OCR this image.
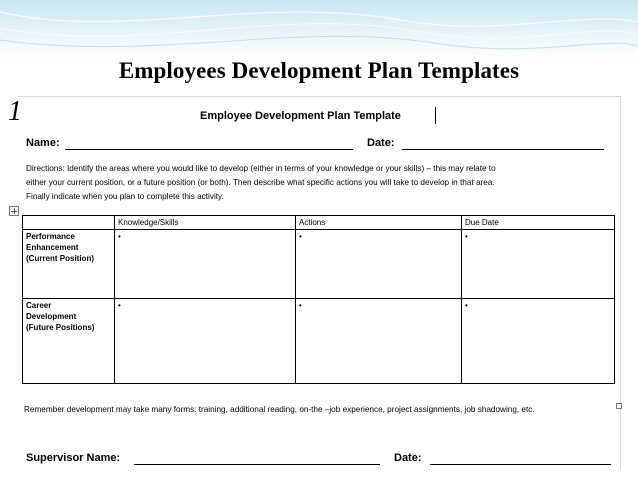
Employees Development Plan Templates
1	Employee Development Plan Template
Name:	Date:
Directions: Identify the areas where you would like to develop (either in terms of your knowledge or your skills) – this may relate to
either your current position, or a future position (or both). Then describe what specific actions you will take to develop in that area.
Finally indicate when you plan to complete this activity.
	Knowledge/Skills	Actions	Due Date

Performance
Enhancement
(Current Position)	•	•	•

Career
Development
(Future Positions)	•	•	•
Remember development may take many forms: training, additional reading, on-the –job experience, project assignments, job shadowing, etc.
Supervisor Name:	Date:
